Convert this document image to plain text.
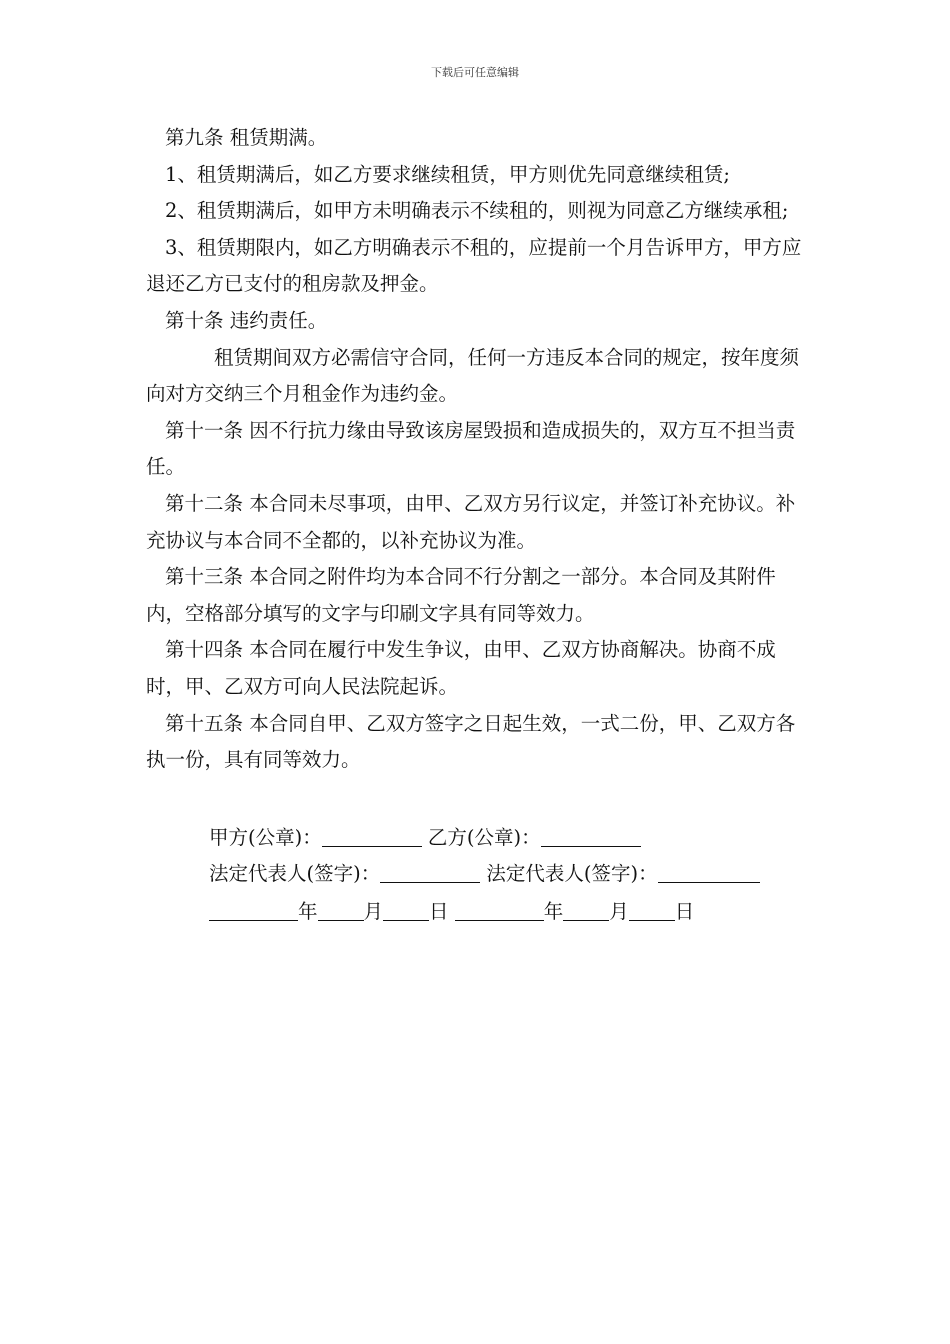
下载后可任意编辑

第九条 租赁期满。

1、租赁期满后，如乙方要求继续租赁，甲方则优先同意继续租赁;

2、租赁期满后，如甲方未明确表示不续租的，则视为同意乙方继续承租;

3、租赁期限内，如乙方明确表示不租的，应提前一个月告诉甲方，甲方应退还乙方已支付的租房款及押金。

第十条 违约责任。

租赁期间双方必需信守合同，任何一方违反本合同的规定，按年度须向对方交纳三个月租金作为违约金。

第十一条 因不行抗力缘由导致该房屋毁损和造成损失的，双方互不担当责任。

第十二条 本合同未尽事项，由甲、乙双方另行议定，并签订补充协议。补充协议与本合同不全都的，以补充协议为准。

第十三条 本合同之附件均为本合同不行分割之一部分。本合同及其附件内，空格部分填写的文字与印刷文字具有同等效力。

第十四条 本合同在履行中发生争议，由甲、乙双方协商解决。协商不成时，甲、乙双方可向人民法院起诉。

第十五条 本合同自甲、乙双方签字之日起生效，一式二份，甲、乙双方各执一份，具有同等效力。

甲方(公章)：	乙方(公章)：
法定代表人(签字)：	法定代表人(签字)：
年 月 日	年 月 日
